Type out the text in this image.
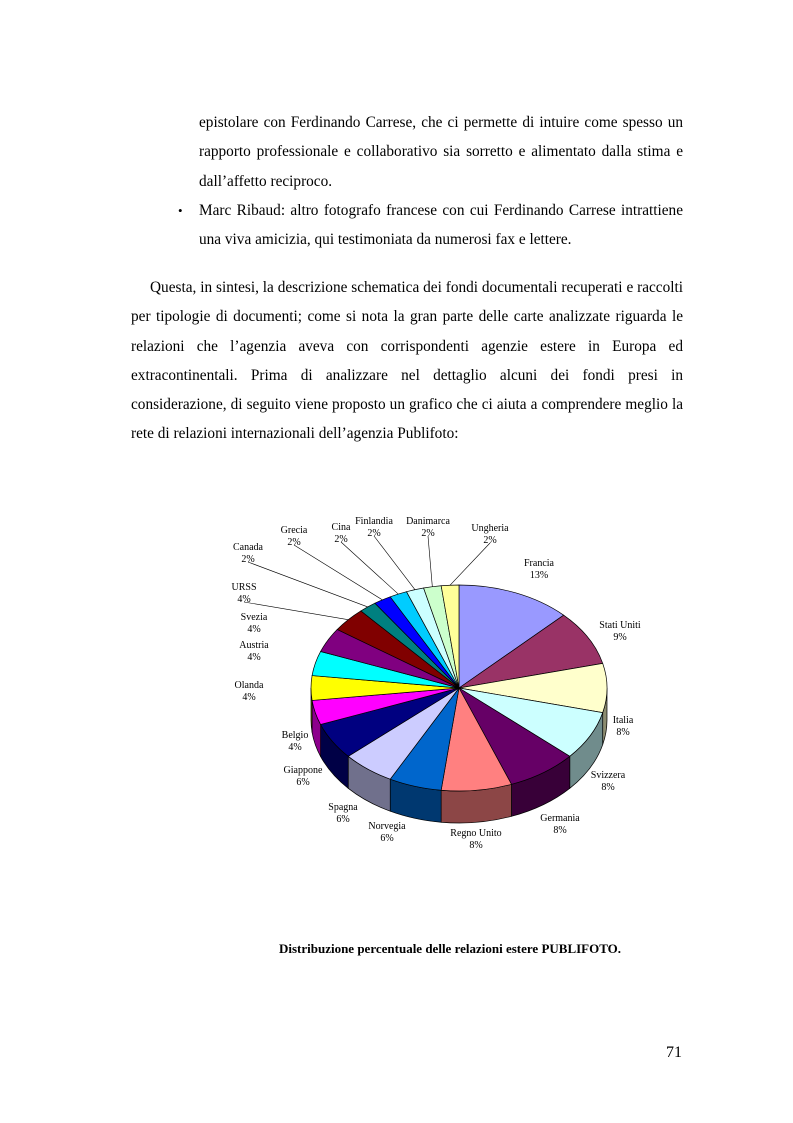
epistolare con Ferdinando Carrese, che ci permette di intuire come spesso un rapporto professionale e collaborativo sia sorretto e alimentato dalla stima e dall’affetto reciproco.
• Marc Ribaud: altro fotografo francese con cui Ferdinando Carrese intrattiene una viva amicizia, qui testimoniata da numerosi fax e lettere.
Questa, in sintesi, la descrizione schematica dei fondi documentali recuperati e raccolti per tipologie di documenti; come si nota la gran parte delle carte analizzate riguarda le relazioni che l’agenzia aveva con corrispondenti agenzie estere in Europa ed extracontinentali. Prima di analizzare nel dettaglio alcuni dei fondi presi in considerazione, di seguito viene proposto un grafico che ci aiuta a comprendere meglio la rete di relazioni internazionali dell’agenzia Publifoto:
Francia
13%
Stati Uniti
9%
Italia
8%
Svizzera
8%
Germania
8%
Regno Unito
8%
Norvegia
6%
Spagna
6%
Giappone
6%
Belgio
4%
Olanda
4%
Austria
4%
Svezia
4%
URSS
4%
Canada
2%
Grecia
2%
Cina
2%
Finlandia
2%
Danimarca
2%	Ungheria
2%
Distribuzione percentuale delle relazioni estere PUBLIFOTO.
71
